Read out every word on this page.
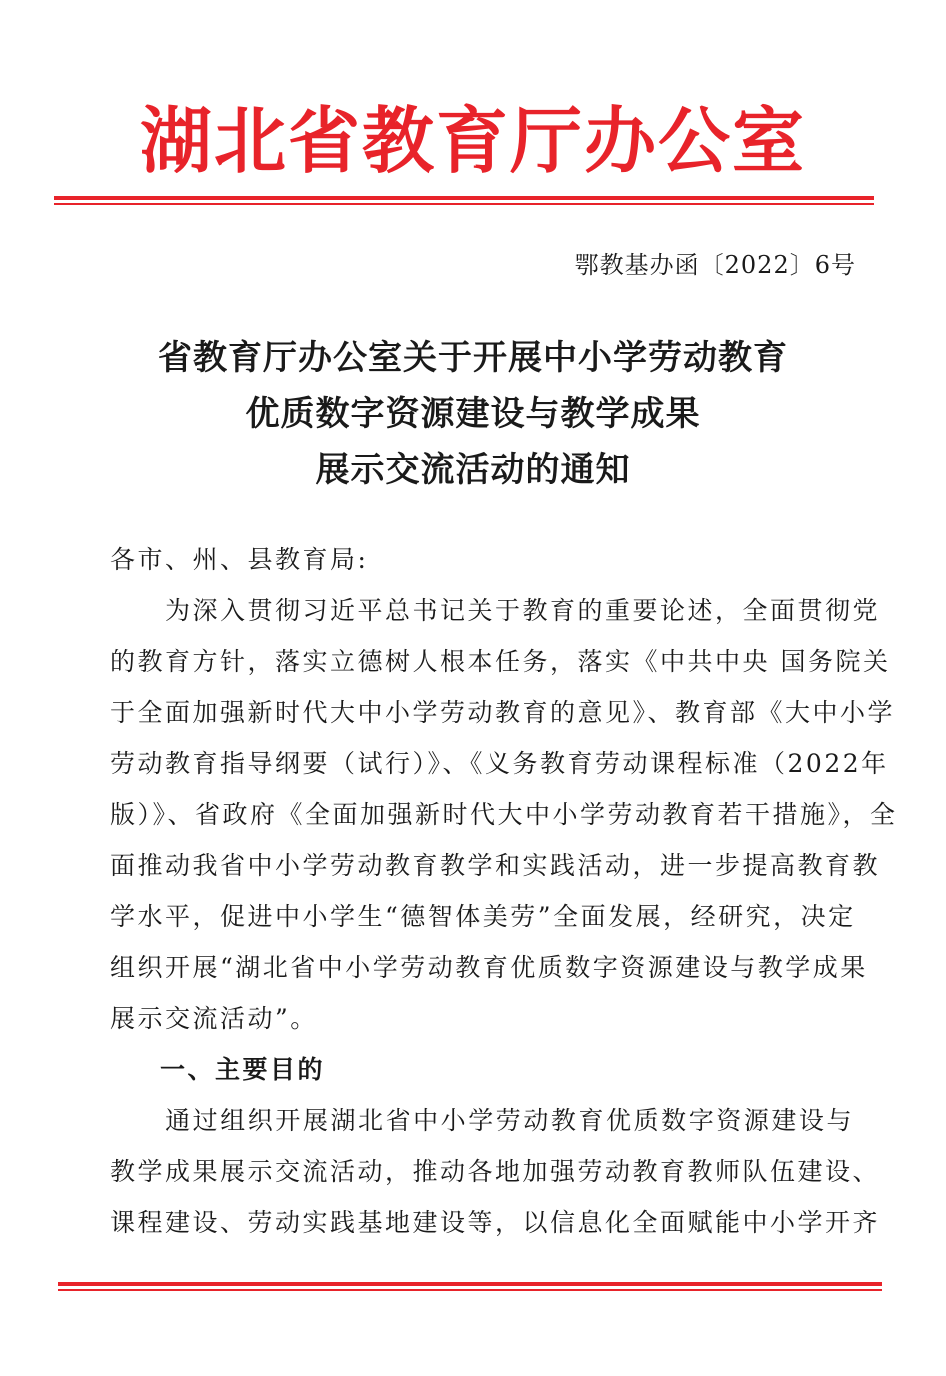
湖北省教育厅办公室
鄂教基办函〔2022〕6号
省教育厅办公室关于开展中小学劳动教育
优质数字资源建设与教学成果
展示交流活动的通知
各市、州、县教育局:
　　为深入贯彻习近平总书记关于教育的重要论述，全面贯彻党
的教育方针，落实立德树人根本任务，落实《中共中央 国务院关
于全面加强新时代大中小学劳动教育的意见》、教育部《大中小学
劳动教育指导纲要（试行）》、《义务教育劳动课程标准（2022年
版）》、省政府《全面加强新时代大中小学劳动教育若干措施》，全
面推动我省中小学劳动教育教学和实践活动，进一步提高教育教
学水平，促进中小学生“德智体美劳”全面发展，经研究，决定
组织开展“湖北省中小学劳动教育优质数字资源建设与教学成果
展示交流活动”。
一、主要目的
　　通过组织开展湖北省中小学劳动教育优质数字资源建设与
教学成果展示交流活动，推动各地加强劳动教育教师队伍建设、
课程建设、劳动实践基地建设等，以信息化全面赋能中小学开齐
